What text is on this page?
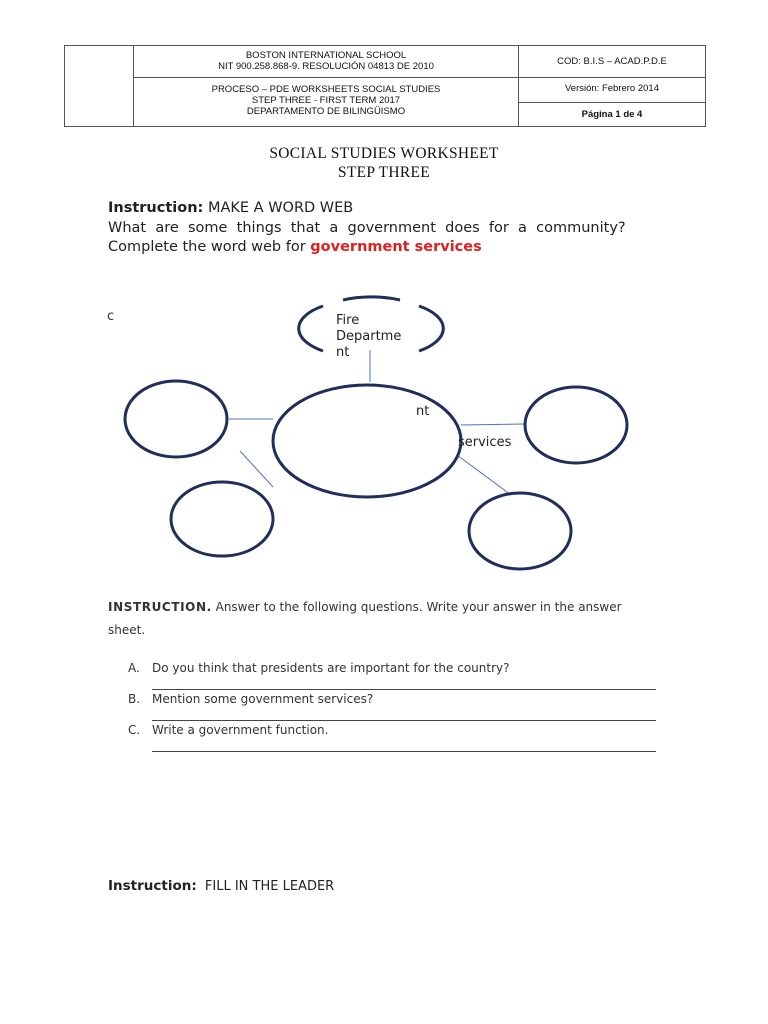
BOSTON INTERNATIONAL SCHOOL
NIT 900.258.868-9. RESOLUCIÓN 04813 DE 2010
PROCESO – PDE WORKSHEETS SOCIAL STUDIES
STEP THREE - FIRST TERM 2017
DEPARTAMENTO DE BILINGÜISMO
COD: B.I.S – ACAD.P.D.E
Versión: Febrero 2014
Página 1 de 4
SOCIAL STUDIES WORKSHEET
STEP THREE
Instruction: MAKE A WORD WEB
What  are  some  things  that  a  government  does  for  a  community?
Complete the word web for government services
c	Fire
Departme
nt
nt
services
INSTRUCTION. Answer to the following questions. Write your answer in the answer
sheet.
A. Do you think that presidents are important for the country?
B. Mention some government services?
C. Write a government function.
Instruction: FILL IN THE LEADER
